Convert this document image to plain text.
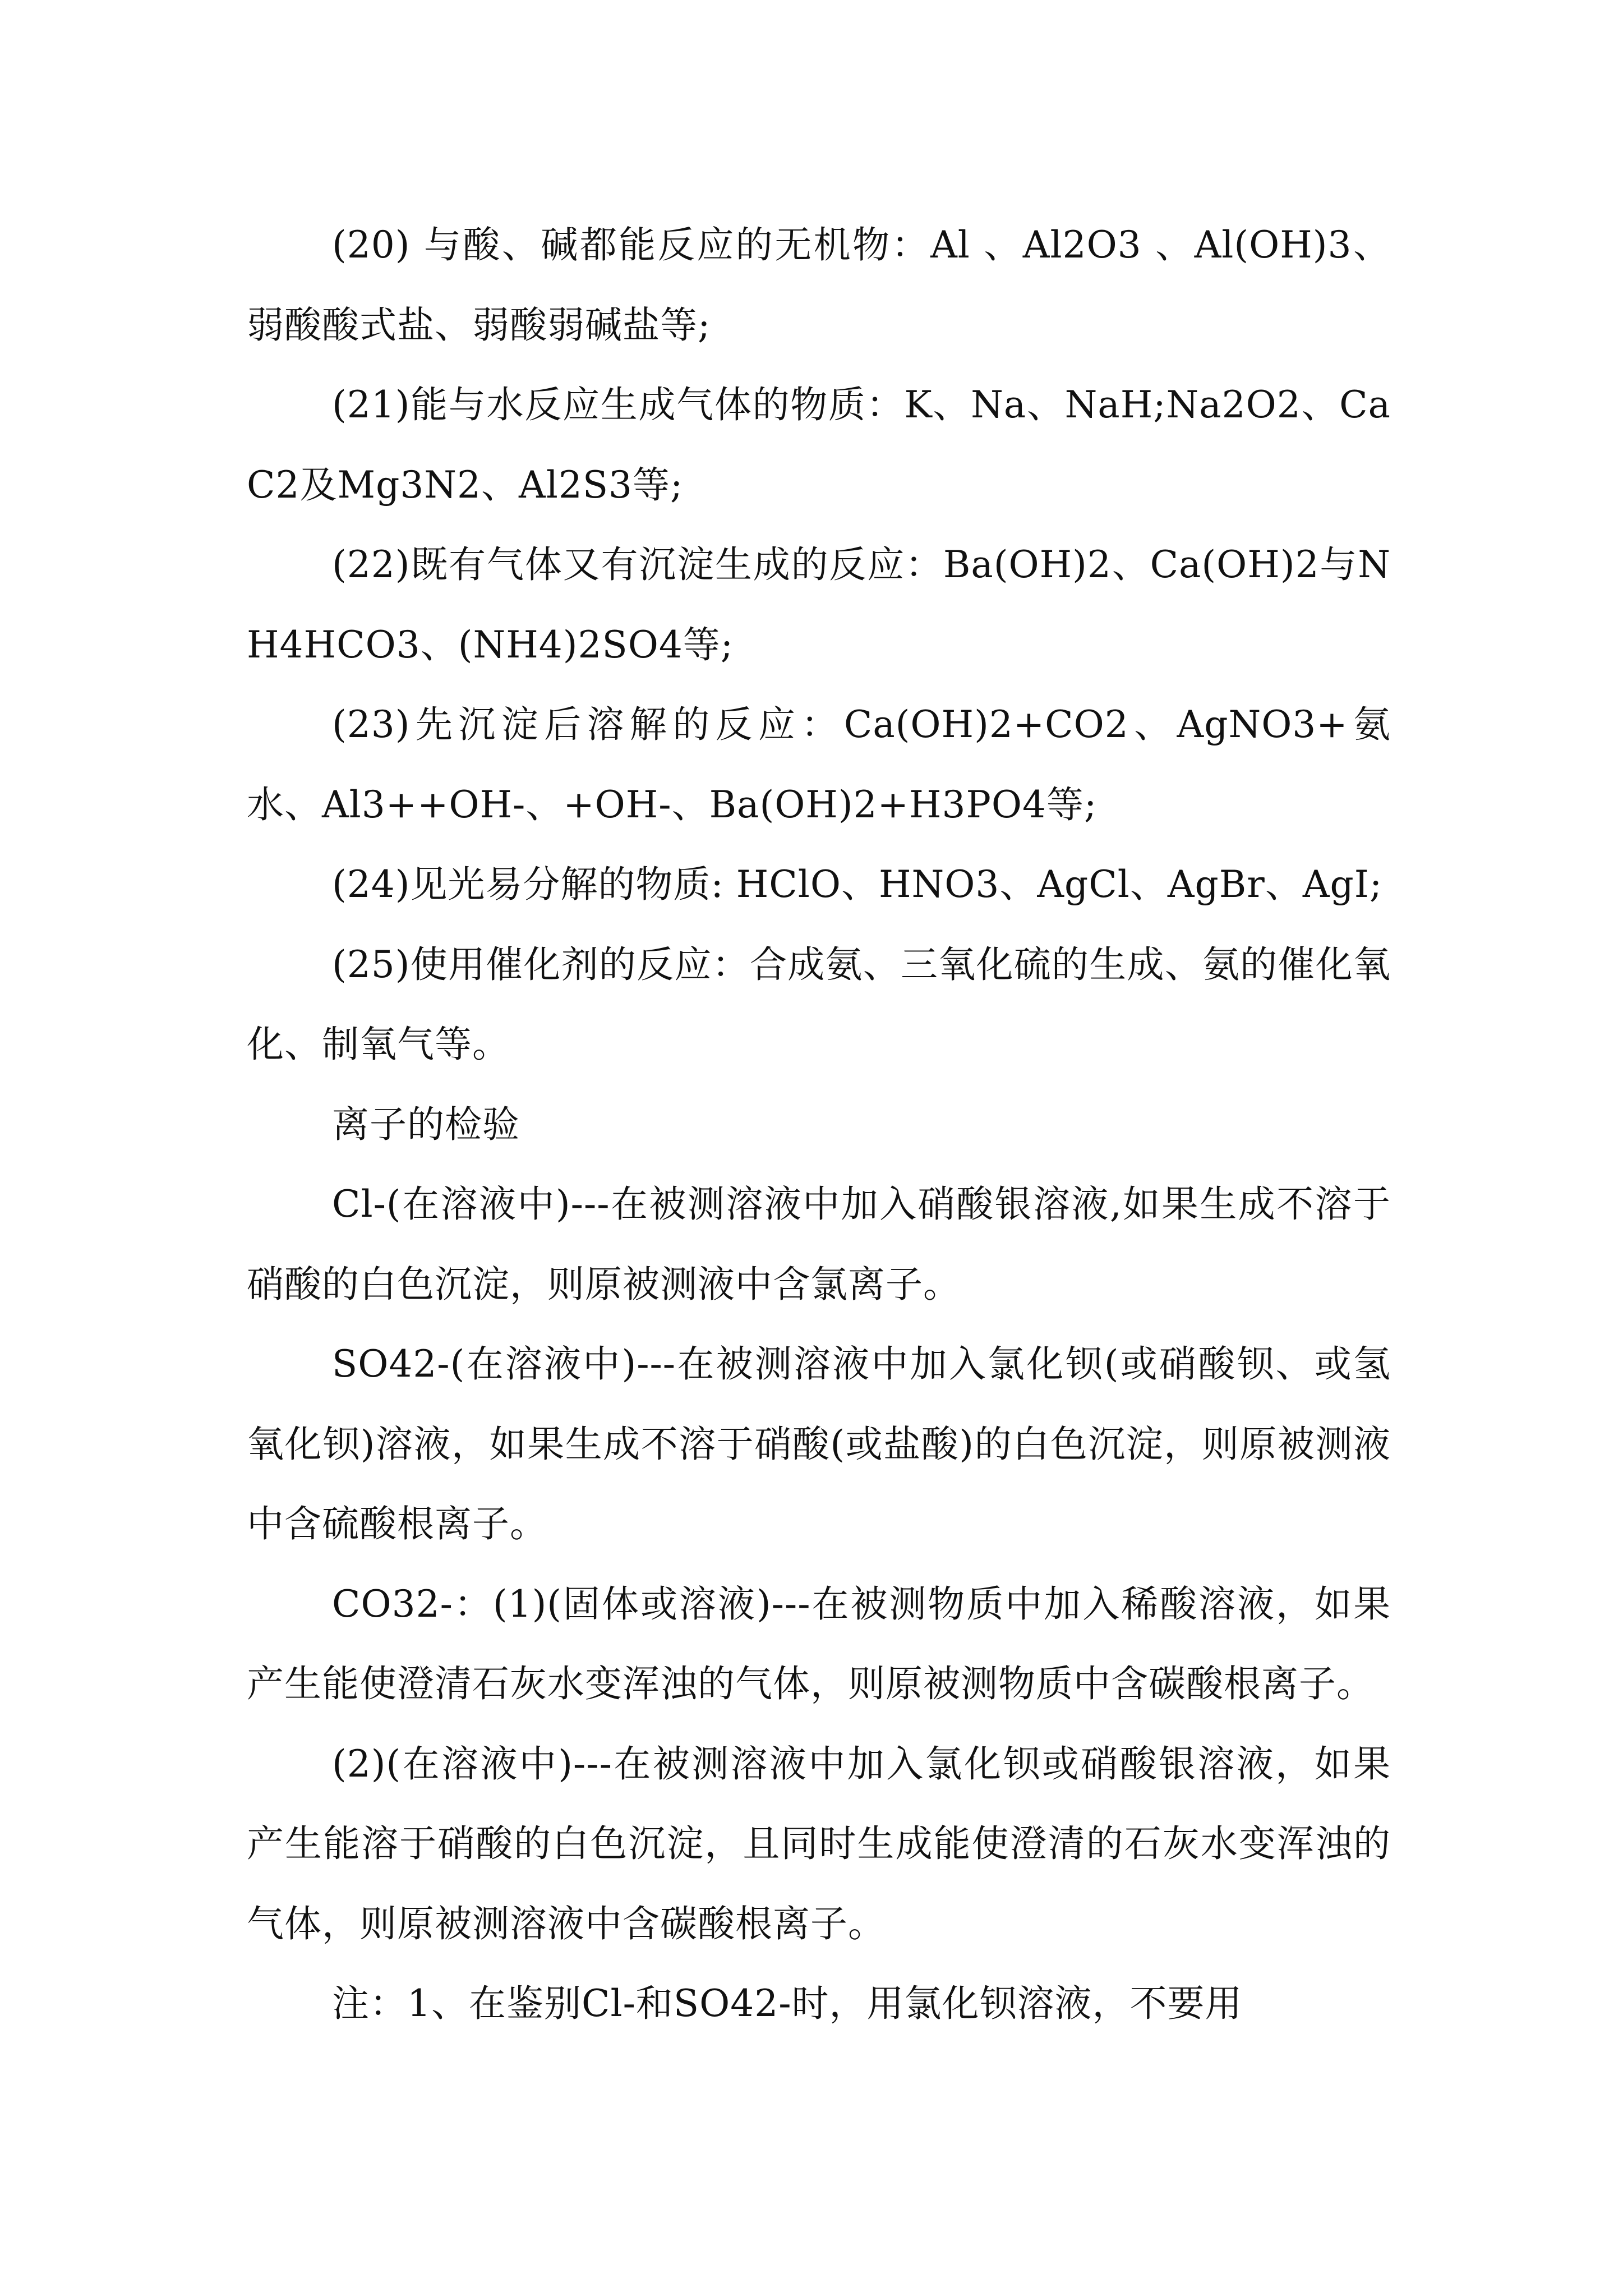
(20) 与酸、碱都能反应的无机物：Al 、Al2O3 、Al(OH)3、弱酸酸式盐、弱酸弱碱盐等;

(21)能与水反应生成气体的物质：K、Na、NaH;Na2O2、CaC2及Mg3N2、Al2S3等;

(22)既有气体又有沉淀生成的反应：Ba(OH)2、Ca(OH)2与NH4HCO3、(NH4)2SO4等;

(23)先沉淀后溶解的反应：Ca(OH)2+CO2、AgNO3+氨水、Al3++OH-、+OH-、Ba(OH)2+H3PO4等;

(24)见光易分解的物质: HClO、HNO3、AgCl、AgBr、AgI;

(25)使用催化剂的反应：合成氨、三氧化硫的生成、氨的催化氧化、制氧气等。

离子的检验

Cl-(在溶液中)---在被测溶液中加入硝酸银溶液,如果生成不溶于硝酸的白色沉淀，则原被测液中含氯离子。

SO42-(在溶液中)---在被测溶液中加入氯化钡(或硝酸钡、或氢氧化钡)溶液，如果生成不溶于硝酸(或盐酸)的白色沉淀，则原被测液中含硫酸根离子。

CO32-：(1)(固体或溶液)---在被测物质中加入稀酸溶液，如果产生能使澄清石灰水变浑浊的气体，则原被测物质中含碳酸根离子。

(2)(在溶液中)---在被测溶液中加入氯化钡或硝酸银溶液，如果产生能溶于硝酸的白色沉淀，且同时生成能使澄清的石灰水变浑浊的气体，则原被测溶液中含碳酸根离子。

注：1、在鉴别Cl-和SO42-时，用氯化钡溶液，不要用
